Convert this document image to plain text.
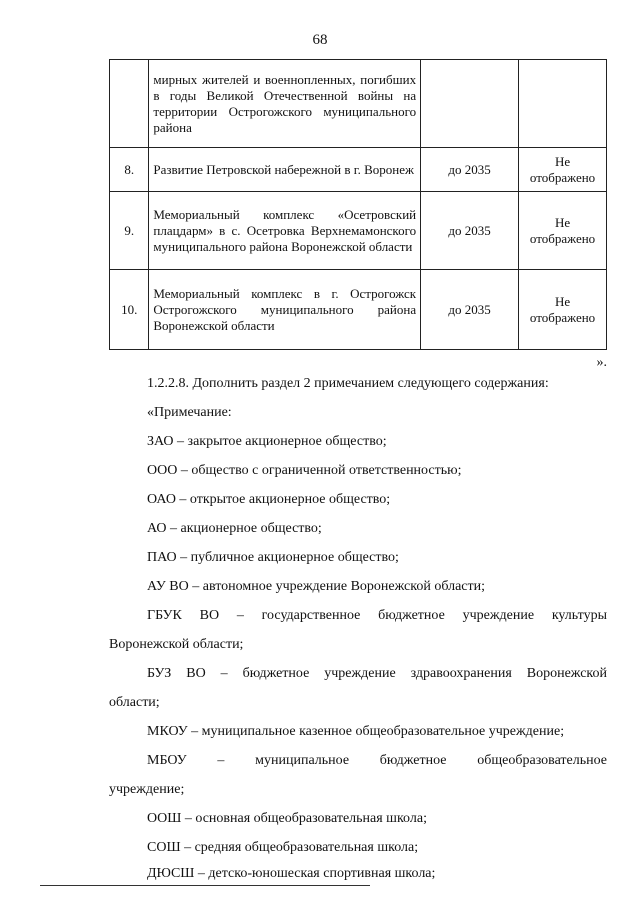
68
	мирных жителей и военнопленных, погибших в годы Великой Отечественной войны на территории Острогожского муниципального района		
8.	Развитие Петровской набережной в г. Воронеж	до 2035	Не отображено
9.	Мемориальный комплекс «Осетровский плацдарм» в с. Осетровка Верхнемамонского муниципального района Воронежской области	до 2035	Не отображено
10.	Мемориальный комплекс в г. Острогожск Острогожского муниципального района Воронежской области	до 2035	Не отображено
».

1.2.2.8. Дополнить раздел 2 примечанием следующего содержания:

«Примечание:

ЗАО – закрытое акционерное общество;

ООО – общество с ограниченной ответственностью;

ОАО – открытое акционерное общество;

АО – акционерное общество;

ПАО – публичное акционерное общество;

АУ ВО – автономное учреждение Воронежской области;

ГБУК ВО – государственное бюджетное учреждение культуры

Воронежской области;

БУЗ ВО – бюджетное учреждение здравоохранения Воронежской

области;

МКОУ – муниципальное казенное общеобразовательное учреждение;

МБОУ – муниципальное бюджетное общеобразовательное

учреждение;

ООШ – основная общеобразовательная школа;

СОШ – средняя общеобразовательная школа;

ДЮСШ – детско-юношеская спортивная школа;
